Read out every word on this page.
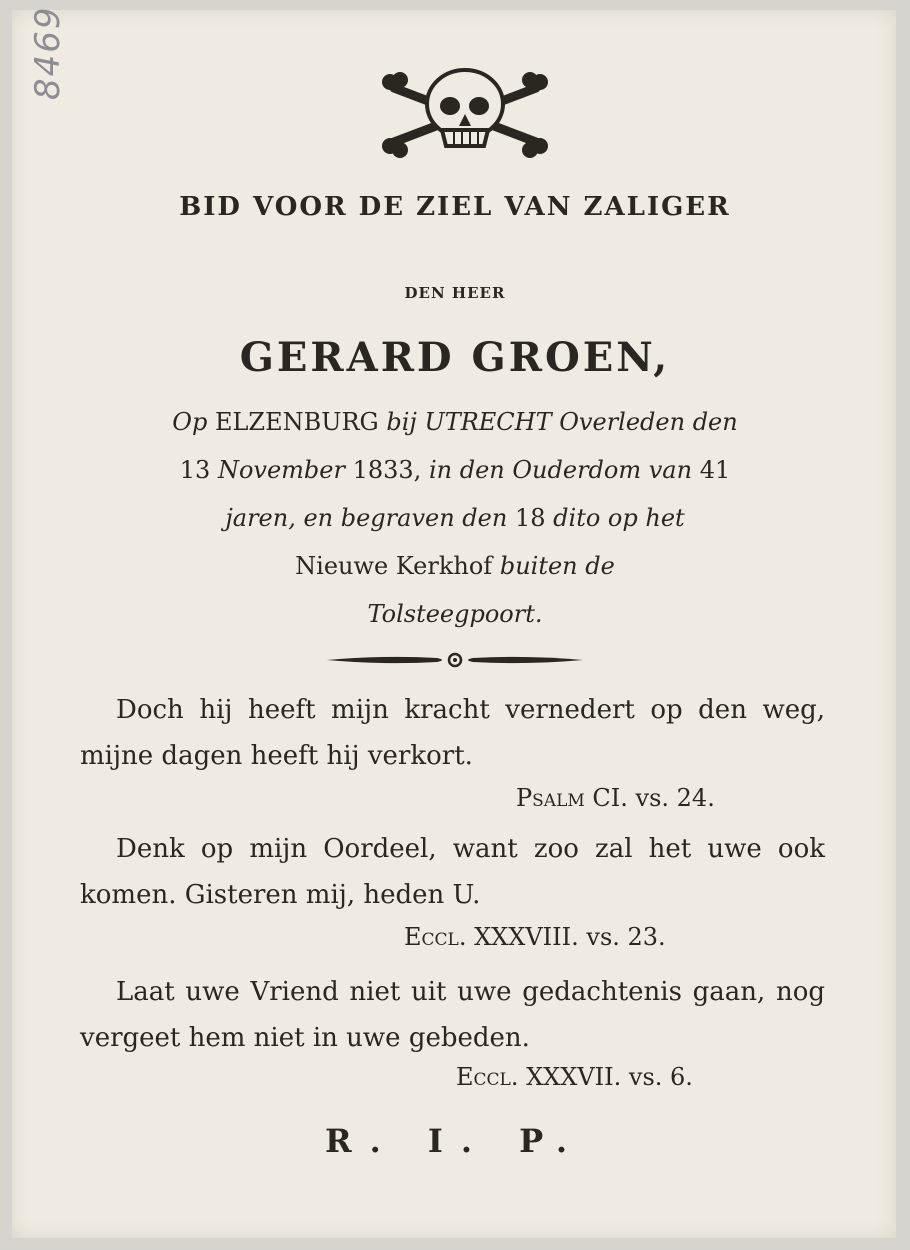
8469
BID VOOR DE ZIEL VAN ZALIGER
DEN HEER
GERARD GROEN,
Op ELZENBURG bij UTRECHT Overleden den
13 November 1833, in den Ouderdom van 41
jaren, en begraven den 18 dito op het
Nieuwe Kerkhof buiten de
Tolsteegpoort.
Doch hij heeft mijn kracht vernedert op den weg, mijne dagen heeft hij verkort.
Psalm CI. vs. 24.
Denk op mijn Oordeel, want zoo zal het uwe ook komen. Gisteren mij, heden U.
Eccl. XXXVIII. vs. 23.
Laat uwe Vriend niet uit uwe gedachtenis gaan, nog vergeet hem niet in uwe gebeden.
Eccl. XXXVII. vs. 6.
R. I. P.
